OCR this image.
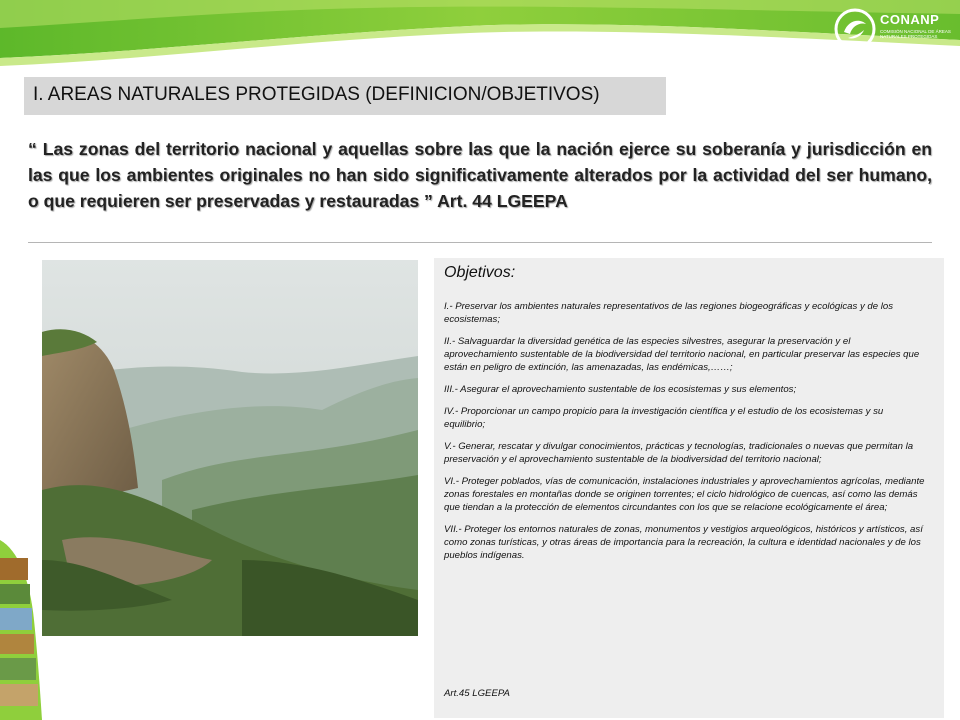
CONANP
COMISIÓN NACIONAL DE ÁREAS NATURALES PROTEGIDAS
I. AREAS NATURALES PROTEGIDAS (DEFINICION/OBJETIVOS)
“ Las zonas del territorio nacional y aquellas sobre las que la nación ejerce su soberanía y jurisdicción en las que los ambientes originales no han sido significativamente alterados por la actividad del ser humano, o que requieren ser preservadas y restauradas ” Art. 44 LGEEPA
Objetivos:

I.- Preservar los ambientes naturales representativos de las regiones biogeográficas y ecológicas y de los ecosistemas;

II.- Salvaguardar la diversidad genética de las especies silvestres, asegurar la preservación y el aprovechamiento sustentable de la biodiversidad del territorio nacional, en particular preservar las especies que están en peligro de extinción, las amenazadas, las endémicas,……;

III.- Asegurar el aprovechamiento sustentable de los ecosistemas y sus elementos;

IV.- Proporcionar un campo propicio para la investigación científica y el estudio de los ecosistemas y su equilibrio;

V.- Generar, rescatar y divulgar conocimientos, prácticas y tecnologías, tradicionales o nuevas que permitan la preservación y el aprovechamiento sustentable de la biodiversidad del territorio nacional;

VI.- Proteger poblados, vías de comunicación, instalaciones industriales y aprovechamientos agrícolas, mediante zonas forestales en montañas donde se originen torrentes; el ciclo hidrológico de cuencas, así como las demás que tiendan a la protección de elementos circundantes con los que se relacione ecológicamente el área;

VII.- Proteger los entornos naturales de zonas, monumentos y vestigios arqueológicos, históricos y artísticos, así como zonas turísticas, y otras áreas de importancia para la recreación, la cultura e identidad nacionales y de los pueblos indígenas.

Art.45 LGEEPA
